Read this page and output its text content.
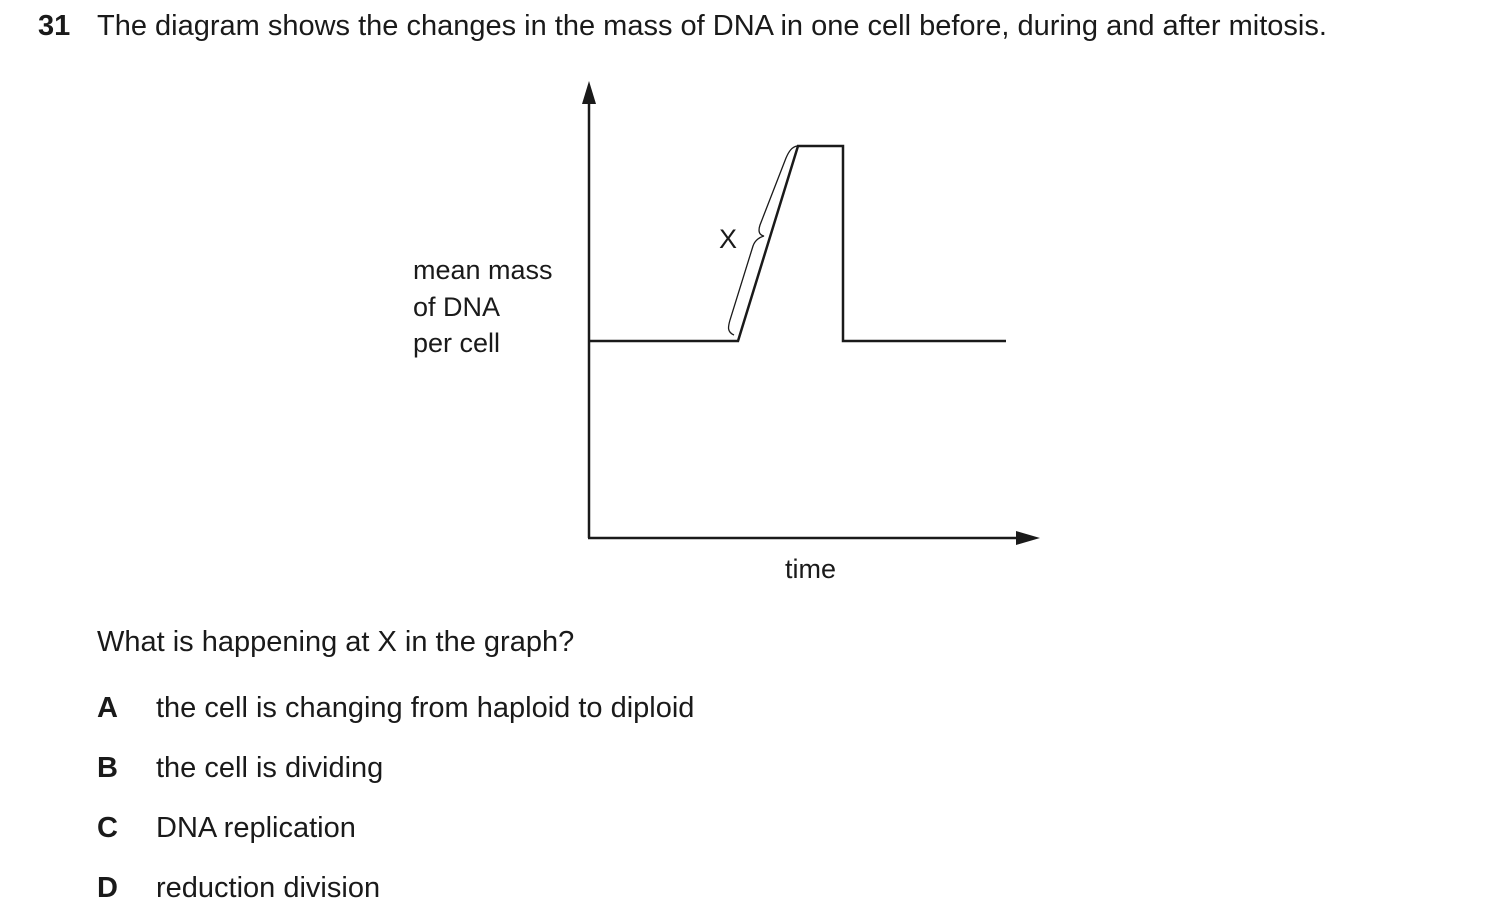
31 The diagram shows the changes in the mass of DNA in one cell before, during and after mitosis.
X
mean mass
of DNA
per cell
time
What is happening at X in the graph?
A the cell is changing from haploid to diploid
B the cell is dividing
C DNA replication
D reduction division
